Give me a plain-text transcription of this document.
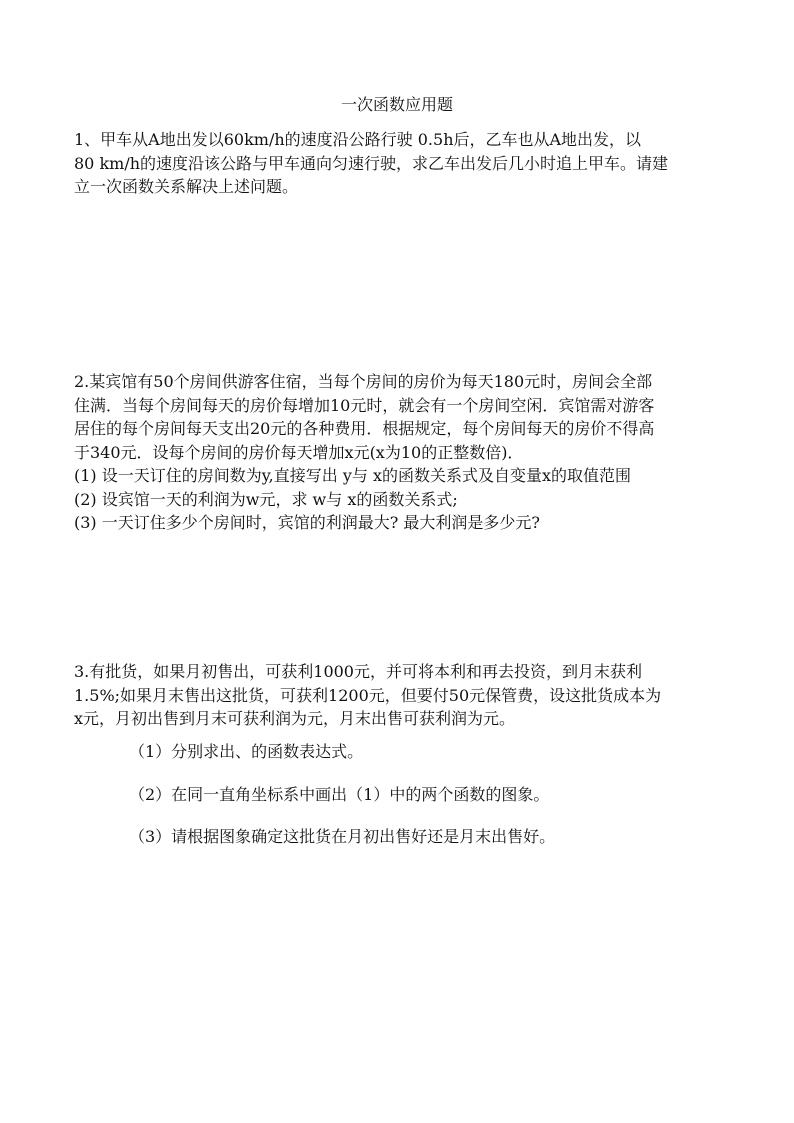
一次函数应用题
1、甲车从A地出发以60km/h的速度沿公路行驶 0.5h后，乙车也从A地出发，以
80 km/h的速度沿该公路与甲车通向匀速行驶，求乙车出发后几小时追上甲车。请建
立一次函数关系解决上述问题。
2.某宾馆有50个房间供游客住宿，当每个房间的房价为每天180元时，房间会全部
住满．当每个房间每天的房价每增加10元时，就会有一个房间空闲．宾馆需对游客
居住的每个房间每天支出20元的各种费用．根据规定，每个房间每天的房价不得高
于340元．设每个房间的房价每天增加x元(x为10的正整数倍)．
(1) 设一天订住的房间数为y,直接写出 y与 x的函数关系式及自变量x的取值范围
(2) 设宾馆一天的利润为w元，求 w与 x的函数关系式;
(3) 一天订住多少个房间时，宾馆的利润最大? 最大利润是多少元?
3.有批货，如果月初售出，可获利1000元，并可将本利和再去投资，到月末获利
1.5%;如果月末售出这批货，可获利1200元，但要付50元保管费，设这批货成本为
x元，月初出售到月末可获利润为元，月末出售可获利润为元。
（1）分别求出、的函数表达式。
（2）在同一直角坐标系中画出（1）中的两个函数的图象。
（3）请根据图象确定这批货在月初出售好还是月末出售好。
